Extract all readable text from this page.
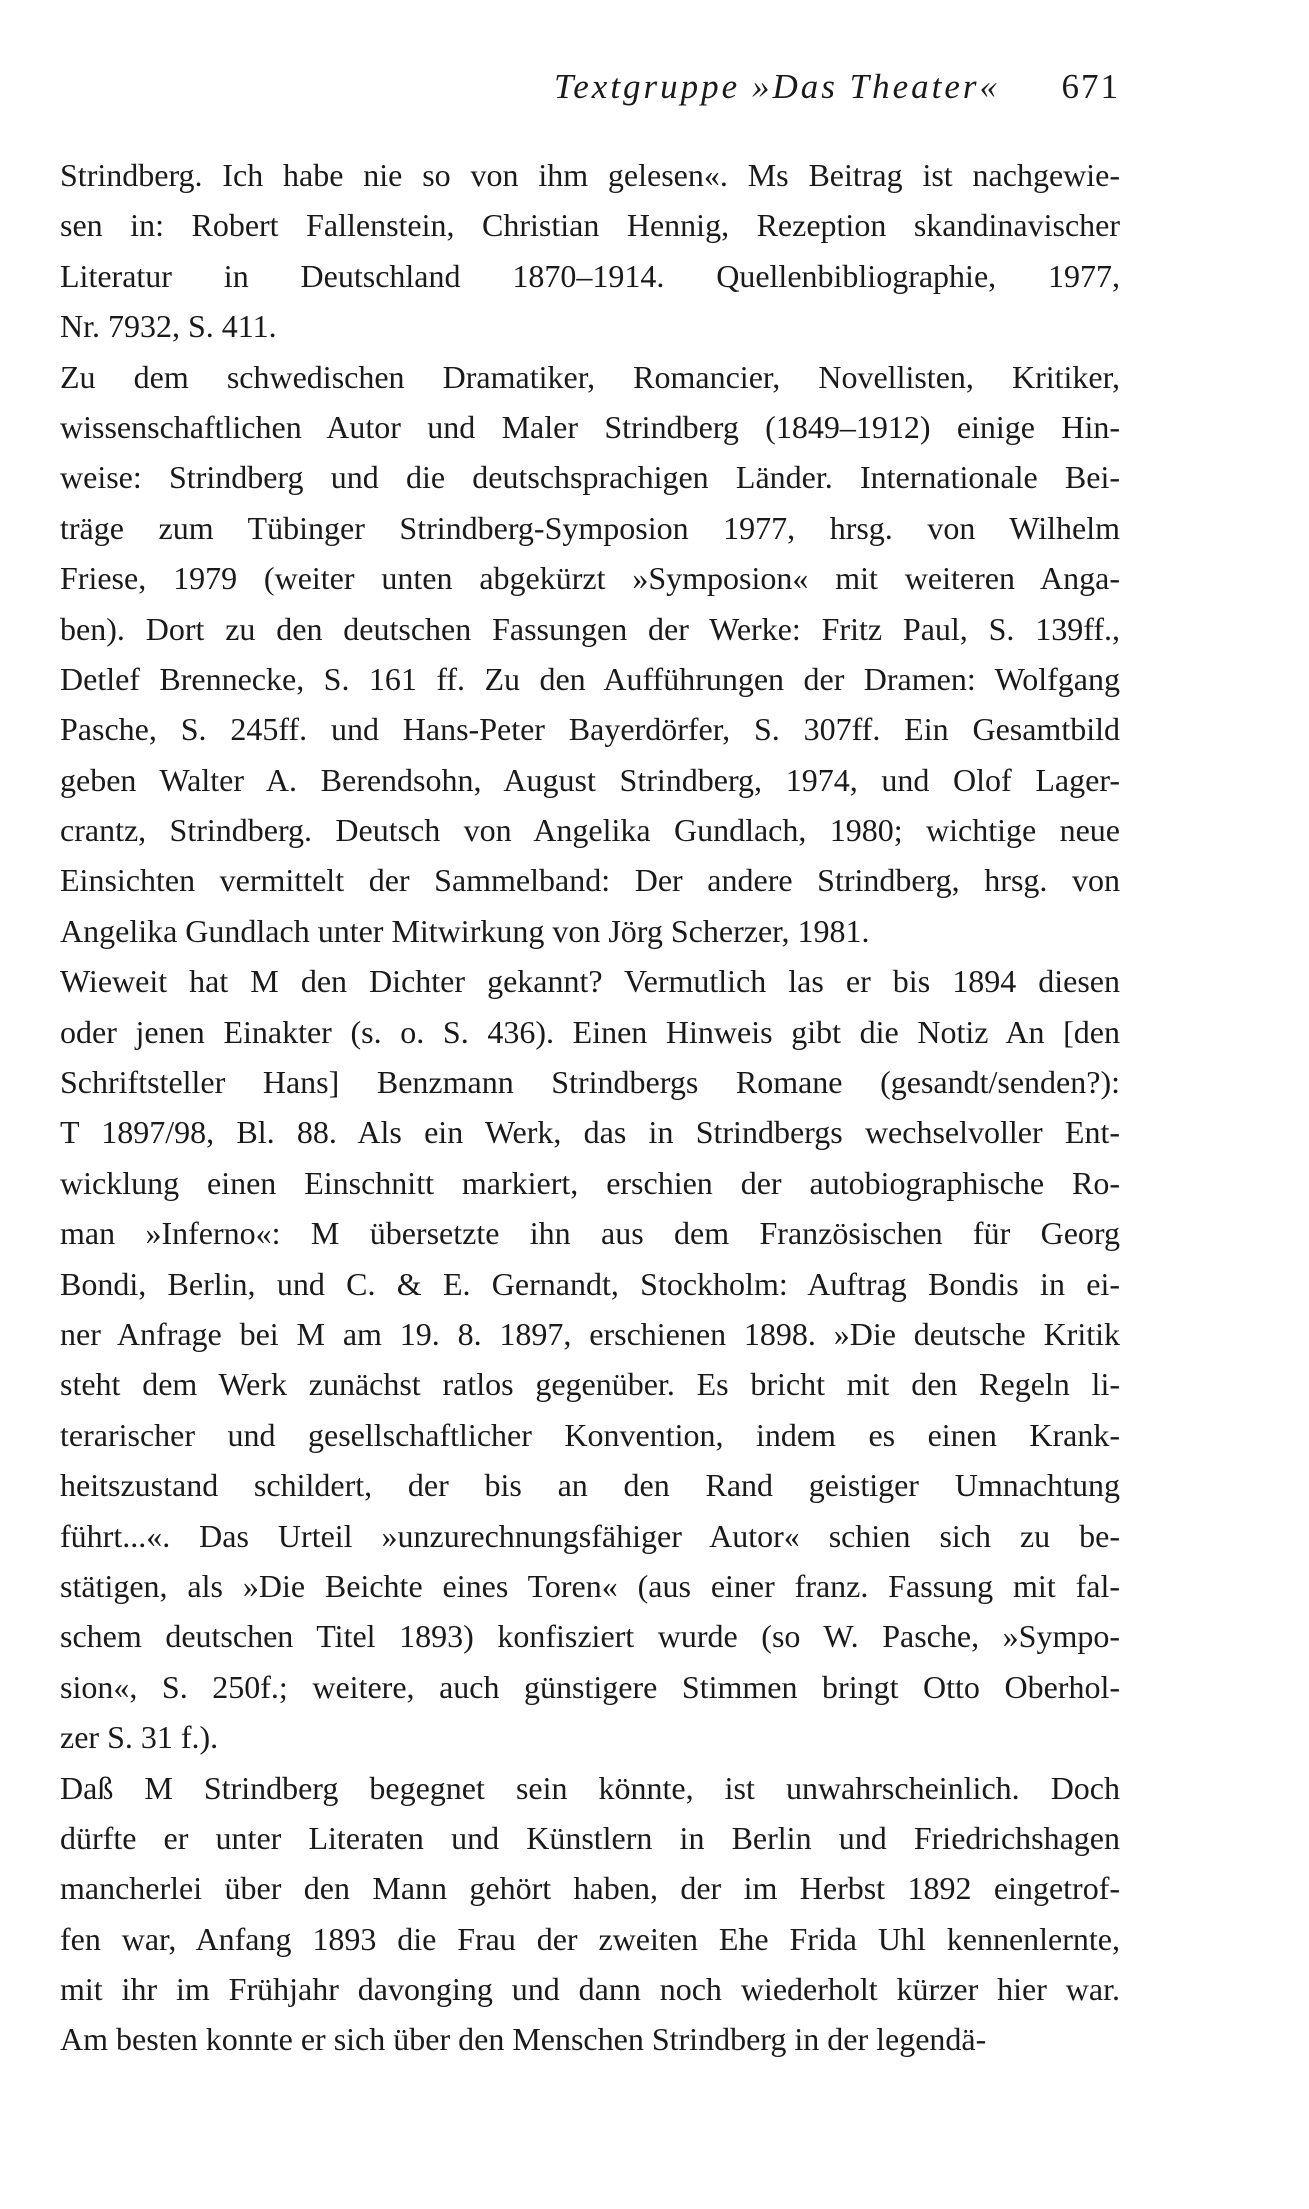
Textgruppe »Das Theater« 671
Strindberg. Ich habe nie so von ihm gelesen«. Ms Beitrag ist nachgewie-
sen in: Robert Fallenstein, Christian Hennig, Rezeption skandinavischer
Literatur in Deutschland 1870–1914. Quellenbibliographie, 1977,
Nr. 7932, S. 411.
Zu dem schwedischen Dramatiker, Romancier, Novellisten, Kritiker,
wissenschaftlichen Autor und Maler Strindberg (1849–1912) einige Hin-
weise: Strindberg und die deutschsprachigen Länder. Internationale Bei-
träge zum Tübinger Strindberg-Symposion 1977, hrsg. von Wilhelm
Friese, 1979 (weiter unten abgekürzt »Symposion« mit weiteren Anga-
ben). Dort zu den deutschen Fassungen der Werke: Fritz Paul, S. 139ff.,
Detlef Brennecke, S. 161 ff. Zu den Aufführungen der Dramen: Wolfgang
Pasche, S. 245ff. und Hans-Peter Bayerdörfer, S. 307ff. Ein Gesamtbild
geben Walter A. Berendsohn, August Strindberg, 1974, und Olof Lager-
crantz, Strindberg. Deutsch von Angelika Gundlach, 1980; wichtige neue
Einsichten vermittelt der Sammelband: Der andere Strindberg, hrsg. von
Angelika Gundlach unter Mitwirkung von Jörg Scherzer, 1981.
Wieweit hat M den Dichter gekannt? Vermutlich las er bis 1894 diesen
oder jenen Einakter (s. o. S. 436). Einen Hinweis gibt die Notiz An [den
Schriftsteller Hans] Benzmann Strindbergs Romane (gesandt/senden?):
T 1897/98, Bl. 88. Als ein Werk, das in Strindbergs wechselvoller Ent-
wicklung einen Einschnitt markiert, erschien der autobiographische Ro-
man »Inferno«: M übersetzte ihn aus dem Französischen für Georg
Bondi, Berlin, und C. & E. Gernandt, Stockholm: Auftrag Bondis in ei-
ner Anfrage bei M am 19. 8. 1897, erschienen 1898. »Die deutsche Kritik
steht dem Werk zunächst ratlos gegenüber. Es bricht mit den Regeln li-
terarischer und gesellschaftlicher Konvention, indem es einen Krank-
heitszustand schildert, der bis an den Rand geistiger Umnachtung
führt...«. Das Urteil »unzurechnungsfähiger Autor« schien sich zu be-
stätigen, als »Die Beichte eines Toren« (aus einer franz. Fassung mit fal-
schem deutschen Titel 1893) konfisziert wurde (so W. Pasche, »Sympo-
sion«, S. 250f.; weitere, auch günstigere Stimmen bringt Otto Oberhol-
zer S. 31 f.).
Daß M Strindberg begegnet sein könnte, ist unwahrscheinlich. Doch
dürfte er unter Literaten und Künstlern in Berlin und Friedrichshagen
mancherlei über den Mann gehört haben, der im Herbst 1892 eingetrof-
fen war, Anfang 1893 die Frau der zweiten Ehe Frida Uhl kennenlernte,
mit ihr im Frühjahr davonging und dann noch wiederholt kürzer hier war.
Am besten konnte er sich über den Menschen Strindberg in der legendä-
